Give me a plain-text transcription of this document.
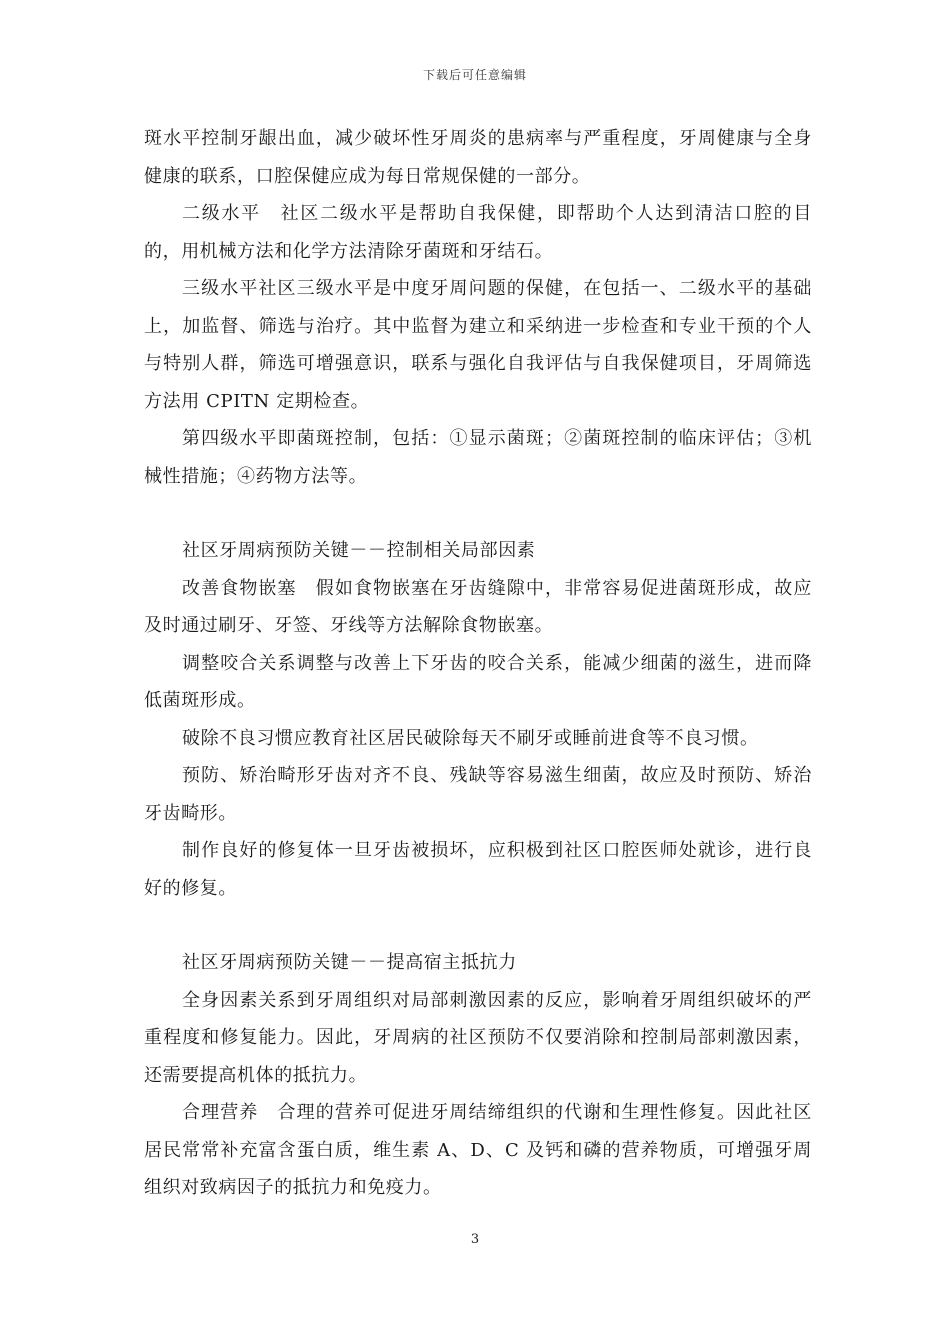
下载后可任意编辑

斑水平控制牙龈出血，减少破坏性牙周炎的患病率与严重程度，牙周健康与全身健康的联系，口腔保健应成为每日常规保健的一部分。

二级水平　社区二级水平是帮助自我保健，即帮助个人达到清洁口腔的目的，用机械方法和化学方法清除牙菌斑和牙结石。

三级水平社区三级水平是中度牙周问题的保健，在包括一、二级水平的基础上，加监督、筛选与治疗。其中监督为建立和采纳进一步检查和专业干预的个人与特别人群，筛选可增强意识，联系与强化自我评估与自我保健项目，牙周筛选方法用 CPITN 定期检查。

第四级水平即菌斑控制，包括：①显示菌斑；②菌斑控制的临床评估；③机械性措施；④药物方法等。

社区牙周病预防关键－－控制相关局部因素

改善食物嵌塞　假如食物嵌塞在牙齿缝隙中，非常容易促进菌斑形成，故应及时通过刷牙、牙签、牙线等方法解除食物嵌塞。

调整咬合关系调整与改善上下牙齿的咬合关系，能减少细菌的滋生，进而降低菌斑形成。

破除不良习惯应教育社区居民破除每天不刷牙或睡前进食等不良习惯。

预防、矫治畸形牙齿对齐不良、残缺等容易滋生细菌，故应及时预防、矫治牙齿畸形。

制作良好的修复体一旦牙齿被损坏，应积极到社区口腔医师处就诊，进行良好的修复。

社区牙周病预防关键－－提高宿主抵抗力

全身因素关系到牙周组织对局部刺激因素的反应，影响着牙周组织破坏的严重程度和修复能力。因此，牙周病的社区预防不仅要消除和控制局部刺激因素，还需要提高机体的抵抗力。

合理营养　合理的营养可促进牙周结缔组织的代谢和生理性修复。因此社区居民常常补充富含蛋白质，维生素 A、D、C 及钙和磷的营养物质，可增强牙周组织对致病因子的抵抗力和免疫力。

3
